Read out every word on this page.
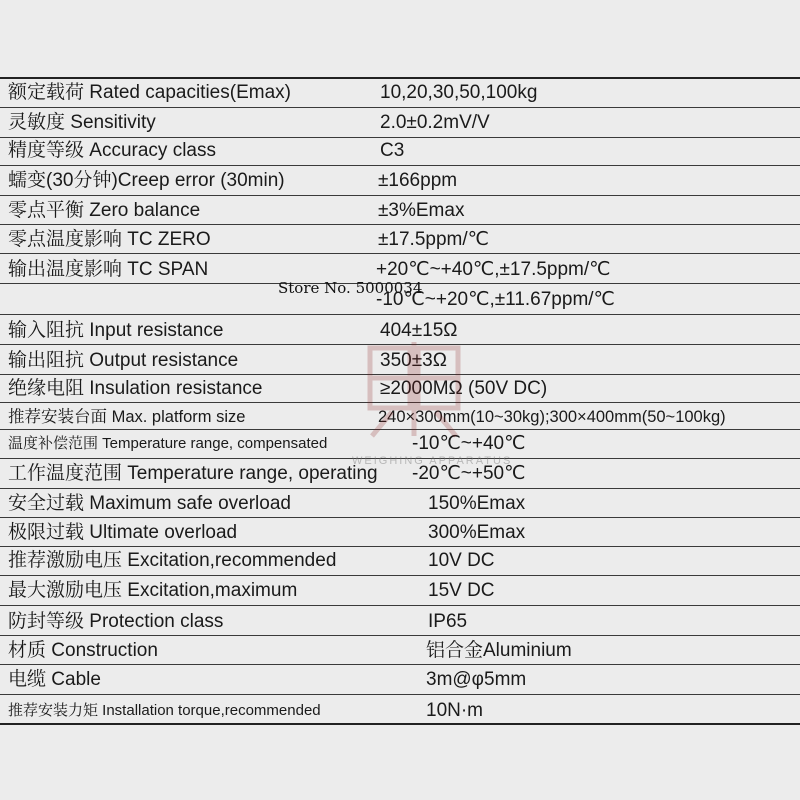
额定载荷 Rated capacities(Emax)
灵敏度 Sensitivity
精度等级 Accuracy class
蠕变(30分钟)Creep error (30min)
零点平衡 Zero balance
零点温度影响 TC ZERO
输出温度影响 TC SPAN
输入阻抗 Input resistance
输出阻抗 Output resistance
绝缘电阻 Insulation resistance
推荐安装台面 Max. platform size
温度补偿范围 Temperature range, compensated
工作温度范围 Temperature range, operating
安全过载 Maximum safe overload
极限过载 Ultimate overload
推荐激励电压 Excitation,recommended
最大激励电压 Excitation,maximum
防封等级 Protection class
材质 Construction
电缆 Cable
推荐安装力矩 Installation torque,recommended
10,20,30,50,100kg
2.0±0.2mV/V
C3
±166ppm
±3%Emax
±17.5ppm/℃
+20℃~+40℃,±17.5ppm/℃
-10℃~+20℃,±11.67ppm/℃
404±15Ω
350±3Ω
≥2000MΩ (50V DC)
240×300mm(10~30kg);300×400mm(50~100kg)
-10℃~+40℃
-20℃~+50℃
150%Emax
300%Emax
10V DC
15V DC
IP65
铝合金Aluminium
3m@φ5mm
10N·m
WEIGHING APPARATUS
Store No. 5000034
